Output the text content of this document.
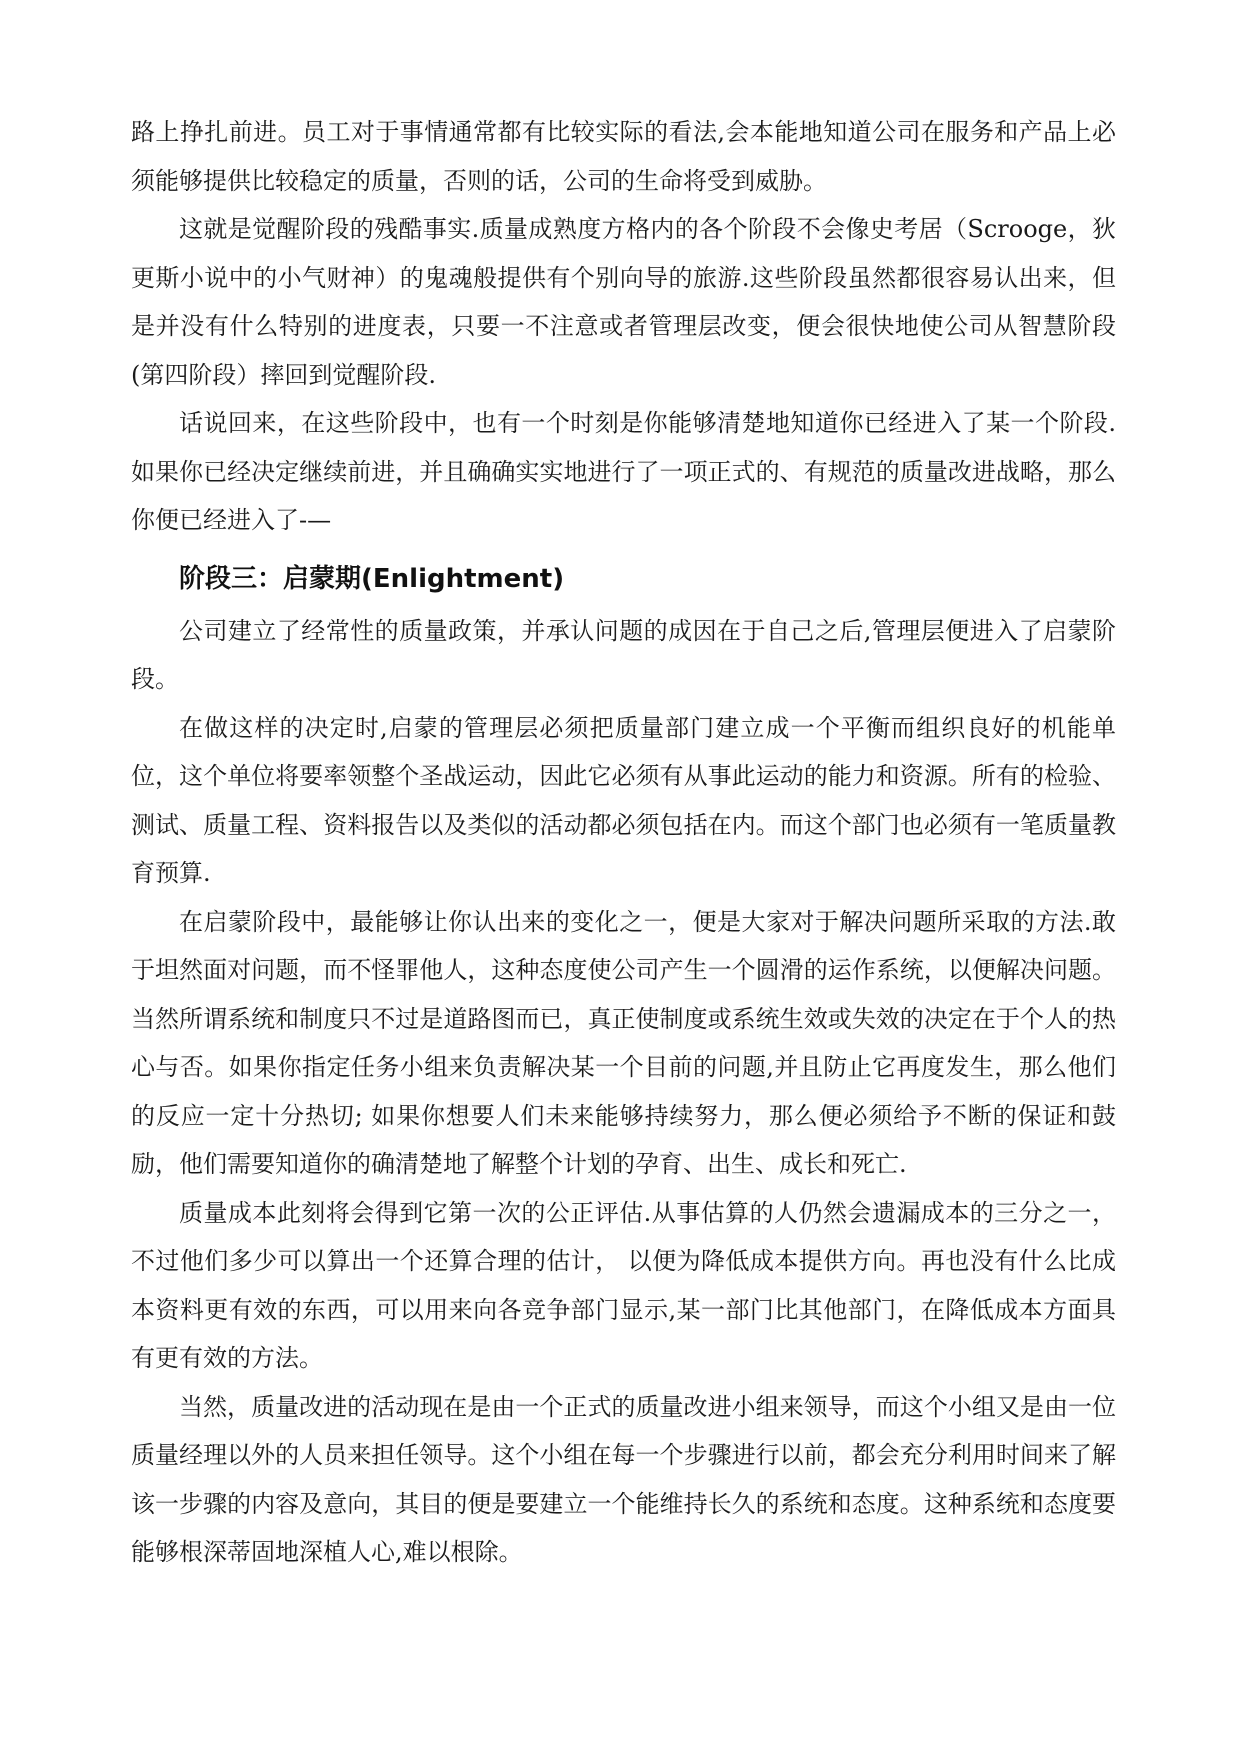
路上挣扎前进。员工对于事情通常都有比较实际的看法,会本能地知道公司在服务和产品上必须能够提供比较稳定的质量，否则的话，公司的生命将受到威胁。

这就是觉醒阶段的残酷事实.质量成熟度方格内的各个阶段不会像史考居（Scrooge，狄更斯小说中的小气财神）的鬼魂般提供有个别向导的旅游.这些阶段虽然都很容易认出来，但是并没有什么特别的进度表，只要一不注意或者管理层改变，便会很快地使公司从智慧阶段(第四阶段）摔回到觉醒阶段.

话说回来，在这些阶段中，也有一个时刻是你能够清楚地知道你已经进入了某一个阶段.如果你已经决定继续前进，并且确确实实地进行了一项正式的、有规范的质量改进战略，那么你便已经进入了-—

阶段三：启蒙期(Enlightment)

公司建立了经常性的质量政策，并承认问题的成因在于自己之后,管理层便进入了启蒙阶段。

在做这样的决定时,启蒙的管理层必须把质量部门建立成一个平衡而组织良好的机能单位，这个单位将要率领整个圣战运动，因此它必须有从事此运动的能力和资源。所有的检验、测试、质量工程、资料报告以及类似的活动都必须包括在内。而这个部门也必须有一笔质量教育预算.

在启蒙阶段中，最能够让你认出来的变化之一，便是大家对于解决问题所采取的方法.敢于坦然面对问题，而不怪罪他人，这种态度使公司产生一个圆滑的运作系统，以便解决问题。当然所谓系统和制度只不过是道路图而已，真正使制度或系统生效或失效的决定在于个人的热心与否。如果你指定任务小组来负责解决某一个目前的问题,并且防止它再度发生，那么他们的反应一定十分热切; 如果你想要人们未来能够持续努力，那么便必须给予不断的保证和鼓励，他们需要知道你的确清楚地了解整个计划的孕育、出生、成长和死亡.

质量成本此刻将会得到它第一次的公正评估.从事估算的人仍然会遗漏成本的三分之一，不过他们多少可以算出一个还算合理的估计， 以便为降低成本提供方向。再也没有什么比成本资料更有效的东西，可以用来向各竞争部门显示,某一部门比其他部门，在降低成本方面具有更有效的方法。

当然，质量改进的活动现在是由一个正式的质量改进小组来领导，而这个小组又是由一位质量经理以外的人员来担任领导。这个小组在每一个步骤进行以前，都会充分利用时间来了解该一步骤的内容及意向，其目的便是要建立一个能维持长久的系统和态度。这种系统和态度要能够根深蒂固地深植人心,难以根除。
